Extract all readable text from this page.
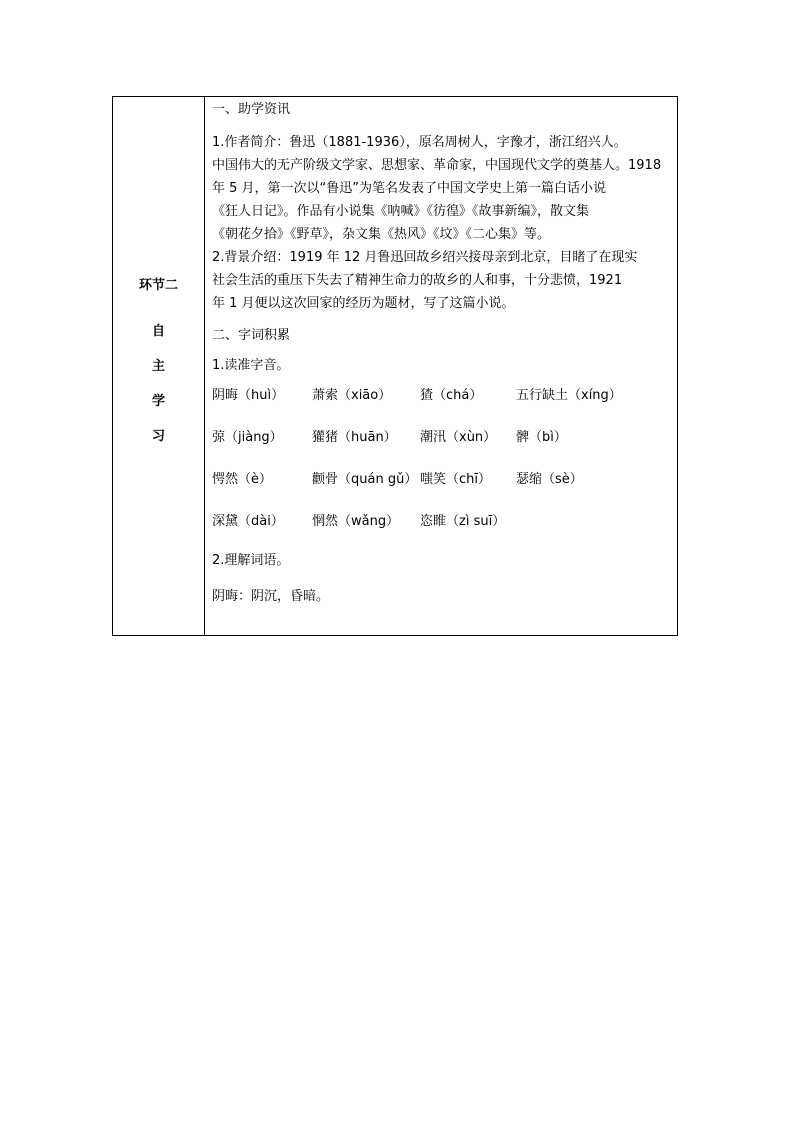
环节二
自
主
学
习
一、助学资讯
1.作者简介：鲁迅（1881-1936），原名周树人，字豫才，浙江绍兴人。
中国伟大的无产阶级文学家、思想家、革命家，中国现代文学的奠基人。1918
年 5 月，第一次以“鲁迅”为笔名发表了中国文学史上第一篇白话小说
《狂人日记》。作品有小说集《呐喊》《彷徨》《故事新编》，散文集
《朝花夕拾》《野草》，杂文集《热风》《坟》《二心集》等。
2.背景介绍：1919 年 12 月鲁迅回故乡绍兴接母亲到北京，目睹了在现实
社会生活的重压下失去了精神生命力的故乡的人和事，十分悲愤，1921
年 1 月便以这次回家的经历为题材，写了这篇小说。
二、字词积累
1.读准字音。
阴晦（huì）	萧索（xiāo）	猹（chá）	五行缺土（xíng）
弶（jiàng）	獾猪（huān）	潮汛（xùn）	髀（bì）
愕然（è）	颧骨（quán gǔ） 嗤笑（chī）	瑟缩（sè）
深黛（dài）	惘然（wǎng）	恣睢（zì suī）
2.理解词语。
阴晦：阴沉，昏暗。
